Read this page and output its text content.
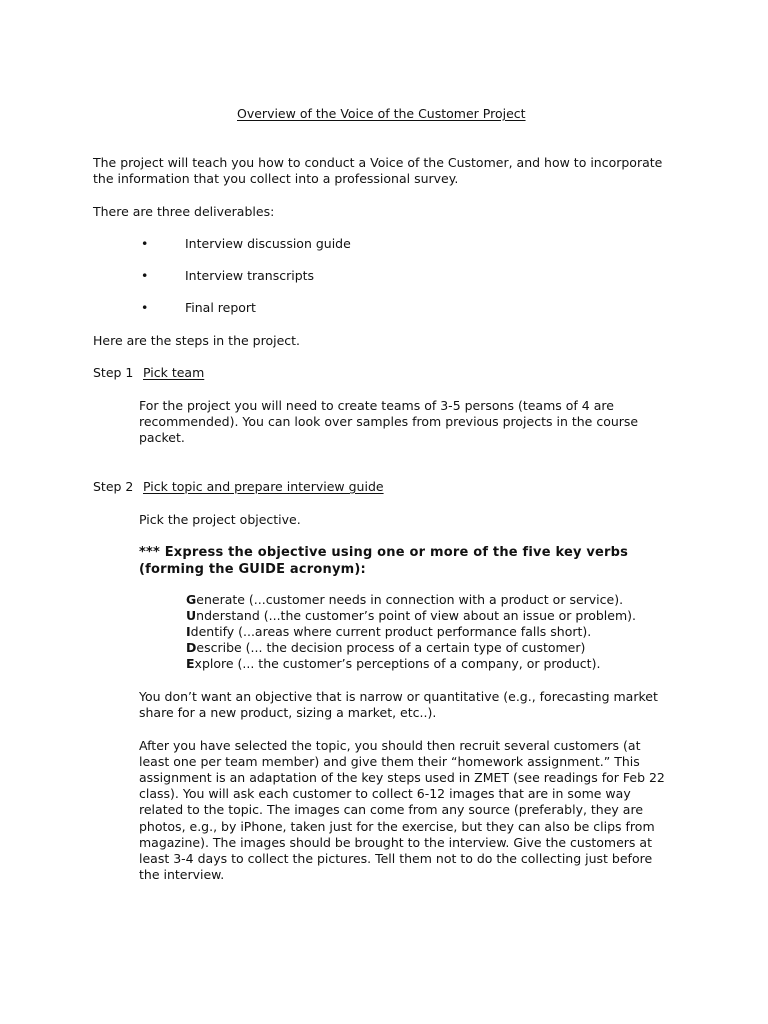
Overview of the Voice of the Customer Project
The project will teach you how to conduct a Voice of the Customer, and how to incorporate
the information that you collect into a professional survey.
There are three deliverables:
•	Interview discussion guide
•	Interview transcripts
•	Final report
Here are the steps in the project.
Step 1 Pick team
For the project you will need to create teams of 3-5 persons (teams of 4 are
recommended). You can look over samples from previous projects in the course
packet.
Step 2 Pick topic and prepare interview guide
Pick the project objective.
*** Express the objective using one or more of the five key verbs
(forming the GUIDE acronym):
Generate (...customer needs in connection with a product or service).
Understand (...the customer’s point of view about an issue or problem).
Identify (...areas where current product performance falls short).
Describe (... the decision process of a certain type of customer)
Explore (... the customer’s perceptions of a company, or product).
You don’t want an objective that is narrow or quantitative (e.g., forecasting market
share for a new product, sizing a market, etc..).
After you have selected the topic, you should then recruit several customers (at
least one per team member) and give them their “homework assignment.” This
assignment is an adaptation of the key steps used in ZMET (see readings for Feb 22
class). You will ask each customer to collect 6-12 images that are in some way
related to the topic. The images can come from any source (preferably, they are
photos, e.g., by iPhone, taken just for the exercise, but they can also be clips from
magazine). The images should be brought to the interview. Give the customers at
least 3-4 days to collect the pictures. Tell them not to do the collecting just before
the interview.
